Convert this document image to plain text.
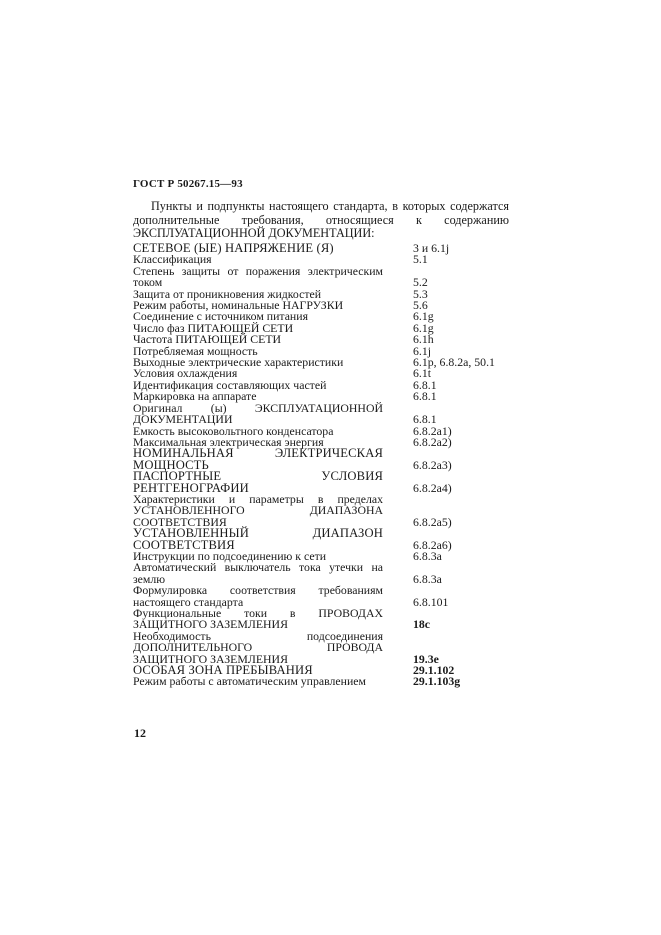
ГОСТ Р 50267.15—93
Пункты и подпункты настоящего стандарта, в которых содержатся дополнительные требования, относящиеся к содержанию ЭКСПЛУАТАЦИОННОЙ ДОКУМЕНТАЦИИ:
СЕТЕВОЕ (ЫЕ) НАПРЯЖЕНИЕ (Я)	3 и 6.1j
Классификация	5.1
Степень защиты от поражения электрическим током	5.2
Защита от проникновения жидкостей	5.3
Режим работы, номинальные НАГРУЗКИ	5.6
Соединение с источником питания	6.1g
Число фаз ПИТАЮЩЕЙ СЕТИ	6.1g
Частота ПИТАЮЩЕЙ СЕТИ	6.1h
Потребляемая мощность	6.1j
Выходные электрические характеристики	6.1р, 6.8.2a, 50.1
Условия охлаждения	6.1t
Идентификация составляющих частей	6.8.1
Маркировка на аппарате	6.8.1
Оригинал (ы) ЭКСПЛУАТАЦИОННОЙ ДОКУМЕНТАЦИИ	6.8.1
Емкость высоковольтного конденсатора	6.8.2a1)
Максимальная электрическая энергия	6.8.2a2)
НОМИНАЛЬНАЯ ЭЛЕКТРИЧЕСКАЯ МОЩНОСТЬ	6.8.2a3)
ПАСПОРТНЫЕ УСЛОВИЯ РЕНТГЕНОГРАФИИ	6.8.2a4)
Характеристики и параметры в пределах УСТАНОВЛЕННОГО ДИАПАЗОНА СООТВЕТСТВИЯ	6.8.2a5)
УСТАНОВЛЕННЫЙ ДИАПАЗОН СООТВЕТСТВИЯ	6.8.2a6)
Инструкции по подсоединению к сети	6.8.3a
Автоматический выключатель тока утечки на землю	6.8.3a
Формулировка соответствия требованиям настоящего стандарта	6.8.101
Функциональные токи в ПРОВОДАХ ЗАЩИТНОГО ЗАЗЕМЛЕНИЯ	18c
Необходимость подсоединения ДОПОЛНИТЕЛЬНОГО ПРОВОДА ЗАЩИТНОГО ЗАЗЕМЛЕНИЯ	19.3e
ОСОБАЯ ЗОНА ПРЕБЫВАНИЯ	29.1.102
Режим работы с автоматическим управлением	29.1.103g
12
